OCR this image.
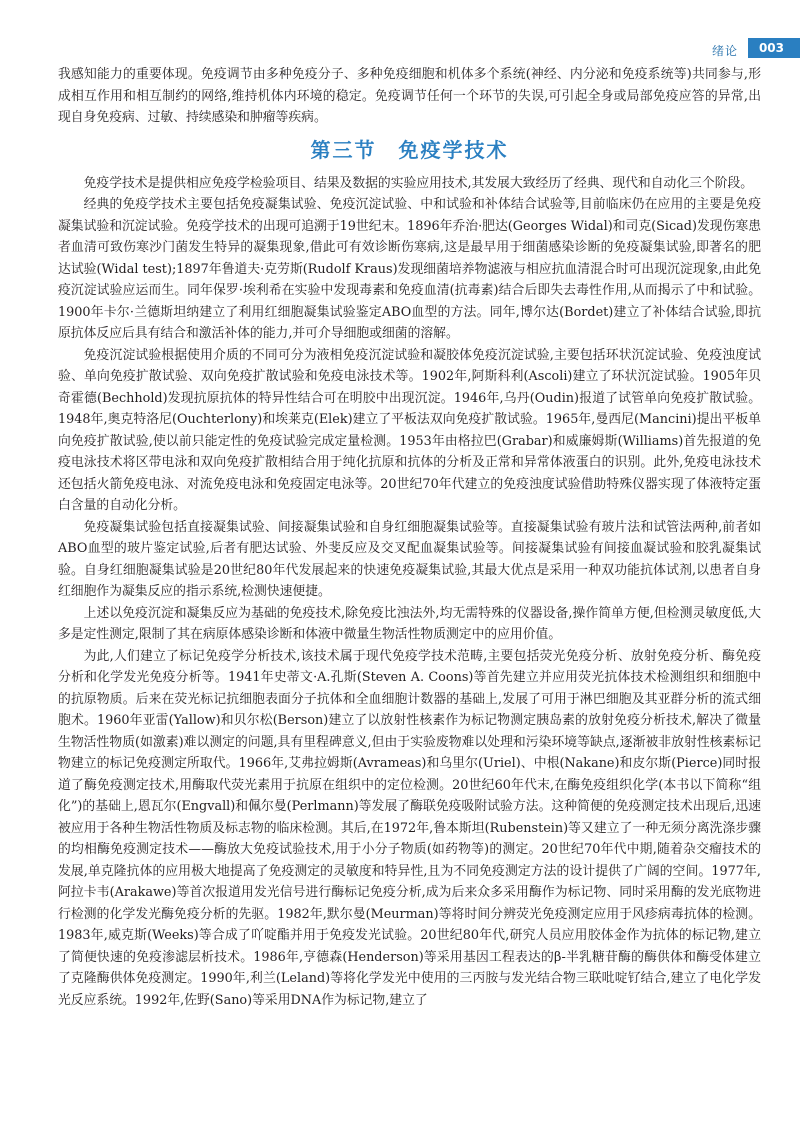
绪论 003

我感知能力的重要体现。免疫调节由多种免疫分子、多种免疫细胞和机体多个系统(神经、内分泌和免疫系统等)共同参与,形成相互作用和相互制约的网络,维持机体内环境的稳定。免疫调节任何一个环节的失误,可引起全身或局部免疫应答的异常,出现自身免疫病、过敏、持续感染和肿瘤等疾病。

第三节 免疫学技术

免疫学技术是提供相应免疫学检验项目、结果及数据的实验应用技术,其发展大致经历了经典、现代和自动化三个阶段。

经典的免疫学技术主要包括免疫凝集试验、免疫沉淀试验、中和试验和补体结合试验等,目前临床仍在应用的主要是免疫凝集试验和沉淀试验。免疫学技术的出现可追溯于19世纪末。1896年乔治·肥达(Georges Widal)和司克(Sicad)发现伤寒患者血清可致伤寒沙门菌发生特异的凝集现象,借此可有效诊断伤寒病,这是最早用于细菌感染诊断的免疫凝集试验,即著名的肥达试验(Widal test);1897年鲁道夫·克劳斯(Rudolf Kraus)发现细菌培养物滤液与相应抗血清混合时可出现沉淀现象,由此免疫沉淀试验应运而生。同年保罗·埃利希在实验中发现毒素和免疫血清(抗毒素)结合后即失去毒性作用,从而揭示了中和试验。1900年卡尔·兰德斯坦纳建立了利用红细胞凝集试验鉴定ABO血型的方法。同年,博尔达(Bordet)建立了补体结合试验,即抗原抗体反应后具有结合和激活补体的能力,并可介导细胞或细菌的溶解。

免疫沉淀试验根据使用介质的不同可分为液相免疫沉淀试验和凝胶体免疫沉淀试验,主要包括环状沉淀试验、免疫浊度试验、单向免疫扩散试验、双向免疫扩散试验和免疫电泳技术等。1902年,阿斯科利(Ascoli)建立了环状沉淀试验。1905年贝奇霍德(Bechhold)发现抗原抗体的特异性结合可在明胶中出现沉淀。1946年,乌丹(Oudin)报道了试管单向免疫扩散试验。1948年,奥克特洛尼(Ouchterlony)和埃莱克(Elek)建立了平板法双向免疫扩散试验。1965年,曼西尼(Mancini)提出平板单向免疫扩散试验,使以前只能定性的免疫试验完成定量检测。1953年由格拉巴(Grabar)和威廉姆斯(Williams)首先报道的免疫电泳技术将区带电泳和双向免疫扩散相结合用于纯化抗原和抗体的分析及正常和异常体液蛋白的识别。此外,免疫电泳技术还包括火箭免疫电泳、对流免疫电泳和免疫固定电泳等。20世纪70年代建立的免疫浊度试验借助特殊仪器实现了体液特定蛋白含量的自动化分析。

免疫凝集试验包括直接凝集试验、间接凝集试验和自身红细胞凝集试验等。直接凝集试验有玻片法和试管法两种,前者如ABO血型的玻片鉴定试验,后者有肥达试验、外斐反应及交叉配血凝集试验等。间接凝集试验有间接血凝试验和胶乳凝集试验。自身红细胞凝集试验是20世纪80年代发展起来的快速免疫凝集试验,其最大优点是采用一种双功能抗体试剂,以患者自身红细胞作为凝集反应的指示系统,检测快速便捷。

上述以免疫沉淀和凝集反应为基础的免疫技术,除免疫比浊法外,均无需特殊的仪器设备,操作简单方便,但检测灵敏度低,大多是定性测定,限制了其在病原体感染诊断和体液中微量生物活性物质测定中的应用价值。

为此,人们建立了标记免疫学分析技术,该技术属于现代免疫学技术范畴,主要包括荧光免疫分析、放射免疫分析、酶免疫分析和化学发光免疫分析等。1941年史蒂文·A.孔斯(Steven A. Coons)等首先建立并应用荧光抗体技术检测组织和细胞中的抗原物质。后来在荧光标记抗细胞表面分子抗体和全血细胞计数器的基础上,发展了可用于淋巴细胞及其亚群分析的流式细胞术。1960年亚雷(Yallow)和贝尔松(Berson)建立了以放射性核素作为标记物测定胰岛素的放射免疫分析技术,解决了微量生物活性物质(如激素)难以测定的问题,具有里程碑意义,但由于实验废物难以处理和污染环境等缺点,逐渐被非放射性核素标记物建立的标记免疫测定所取代。1966年,艾弗拉姆斯(Avrameas)和乌里尔(Uriel)、中根(Nakane)和皮尔斯(Pierce)同时报道了酶免疫测定技术,用酶取代荧光素用于抗原在组织中的定位检测。20世纪60年代末,在酶免疫组织化学(本书以下简称“组化”)的基础上,恩瓦尔(Engvall)和佩尔曼(Perlmann)等发展了酶联免疫吸附试验方法。这种简便的免疫测定技术出现后,迅速被应用于各种生物活性物质及标志物的临床检测。其后,在1972年,鲁本斯坦(Rubenstein)等又建立了一种无须分离洗涤步骤的均相酶免疫测定技术——酶放大免疫试验技术,用于小分子物质(如药物等)的测定。20世纪70年代中期,随着杂交瘤技术的发展,单克隆抗体的应用极大地提高了免疫测定的灵敏度和特异性,且为不同免疫测定方法的设计提供了广阔的空间。1977年,阿拉卡韦(Arakawe)等首次报道用发光信号进行酶标记免疫分析,成为后来众多采用酶作为标记物、同时采用酶的发光底物进行检测的化学发光酶免疫分析的先驱。1982年,默尔曼(Meurman)等将时间分辨荧光免疫测定应用于风疹病毒抗体的检测。1983年,威克斯(Weeks)等合成了吖啶酯并用于免疫发光试验。20世纪80年代,研究人员应用胶体金作为抗体的标记物,建立了简便快速的免疫渗滤层析技术。1986年,亨德森(Henderson)等采用基因工程表达的β-半乳糖苷酶的酶供体和酶受体建立了克隆酶供体免疫测定。1990年,利兰(Leland)等将化学发光中使用的三丙胺与发光结合物三联吡啶钌结合,建立了电化学发光反应系统。1992年,佐野(Sano)等采用DNA作为标记物,建立了
